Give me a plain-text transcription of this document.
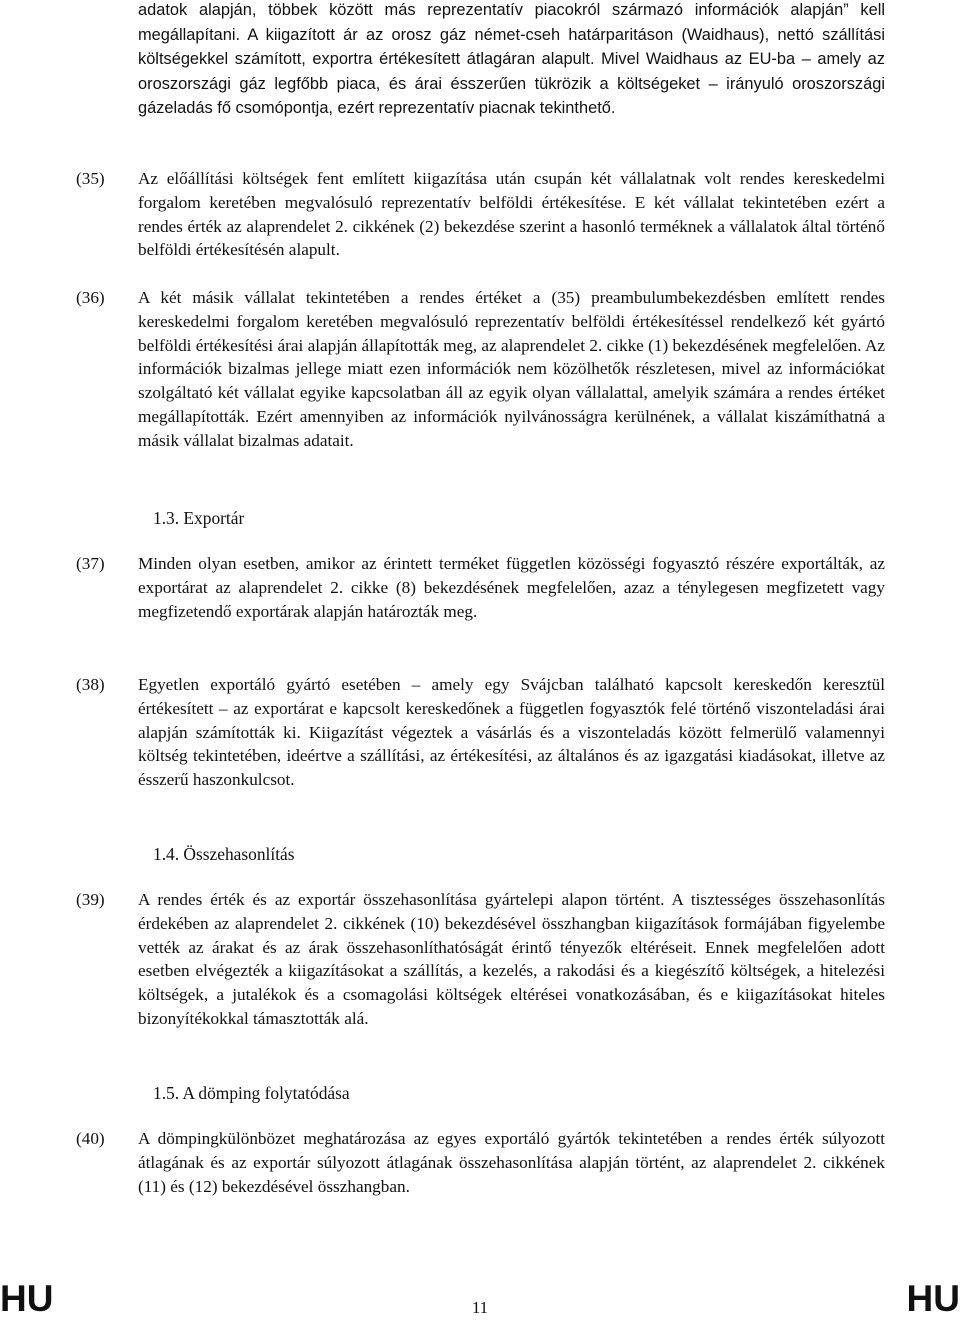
adatok alapján, többek között más reprezentatív piacokról származó információk alapján” kell megállapítani. A kiigazított ár az orosz gáz német-cseh határparitáson (Waidhaus), nettó szállítási költségekkel számított, exportra értékesített átlagáran alapult. Mivel Waidhaus az EU-ba – amely az oroszországi gáz legfőbb piaca, és árai ésszerűen tükrözik a költségeket – irányuló oroszországi gázeladás fő csomópontja, ezért reprezentatív piacnak tekinthető.
(35) Az előállítási költségek fent említett kiigazítása után csupán két vállalatnak volt rendes kereskedelmi forgalom keretében megvalósuló reprezentatív belföldi értékesítése. E két vállalat tekintetében ezért a rendes érték az alaprendelet 2. cikkének (2) bekezdése szerint a hasonló terméknek a vállalatok által történő belföldi értékesítésén alapult.
(36) A két másik vállalat tekintetében a rendes értéket a (35) preambulumbekezdésben említett rendes kereskedelmi forgalom keretében megvalósuló reprezentatív belföldi értékesítéssel rendelkező két gyártó belföldi értékesítési árai alapján állapították meg, az alaprendelet 2. cikke (1) bekezdésének megfelelően. Az információk bizalmas jellege miatt ezen információk nem közölhetők részletesen, mivel az információkat szolgáltató két vállalat egyike kapcsolatban áll az egyik olyan vállalattal, amelyik számára a rendes értéket megállapították. Ezért amennyiben az információk nyilvánosságra kerülnének, a vállalat kiszámíthatná a másik vállalat bizalmas adatait.
1.3. Exportár
(37) Minden olyan esetben, amikor az érintett terméket független közösségi fogyasztó részére exportálták, az exportárat az alaprendelet 2. cikke (8) bekezdésének megfelelően, azaz a ténylegesen megfizetett vagy megfizetendő exportárak alapján határozták meg.
(38) Egyetlen exportáló gyártó esetében – amely egy Svájcban található kapcsolt kereskedőn keresztül értékesített – az exportárat e kapcsolt kereskedőnek a független fogyasztók felé történő viszonteladási árai alapján számították ki. Kiigazítást végeztek a vásárlás és a viszonteladás között felmerülő valamennyi költség tekintetében, ideértve a szállítási, az értékesítési, az általános és az igazgatási kiadásokat, illetve az ésszerű haszonkulcsot.
1.4. Összehasonlítás
(39) A rendes érték és az exportár összehasonlítása gyártelepi alapon történt. A tisztességes összehasonlítás érdekében az alaprendelet 2. cikkének (10) bekezdésével összhangban kiigazítások formájában figyelembe vették az árakat és az árak összehasonlíthatóságát érintő tényezők eltéréseit. Ennek megfelelően adott esetben elvégezték a kiigazításokat a szállítás, a kezelés, a rakodási és a kiegészítő költségek, a hitelezési költségek, a jutalékok és a csomagolási költségek eltérései vonatkozásában, és e kiigazításokat hiteles bizonyítékokkal támasztották alá.
1.5. A dömping folytatódása
(40) A dömpingkülönbözet meghatározása az egyes exportáló gyártók tekintetében a rendes érték súlyozott átlagának és az exportár súlyozott átlagának összehasonlítása alapján történt, az alaprendelet 2. cikkének (11) és (12) bekezdésével összhangban.
HU	11	HU
